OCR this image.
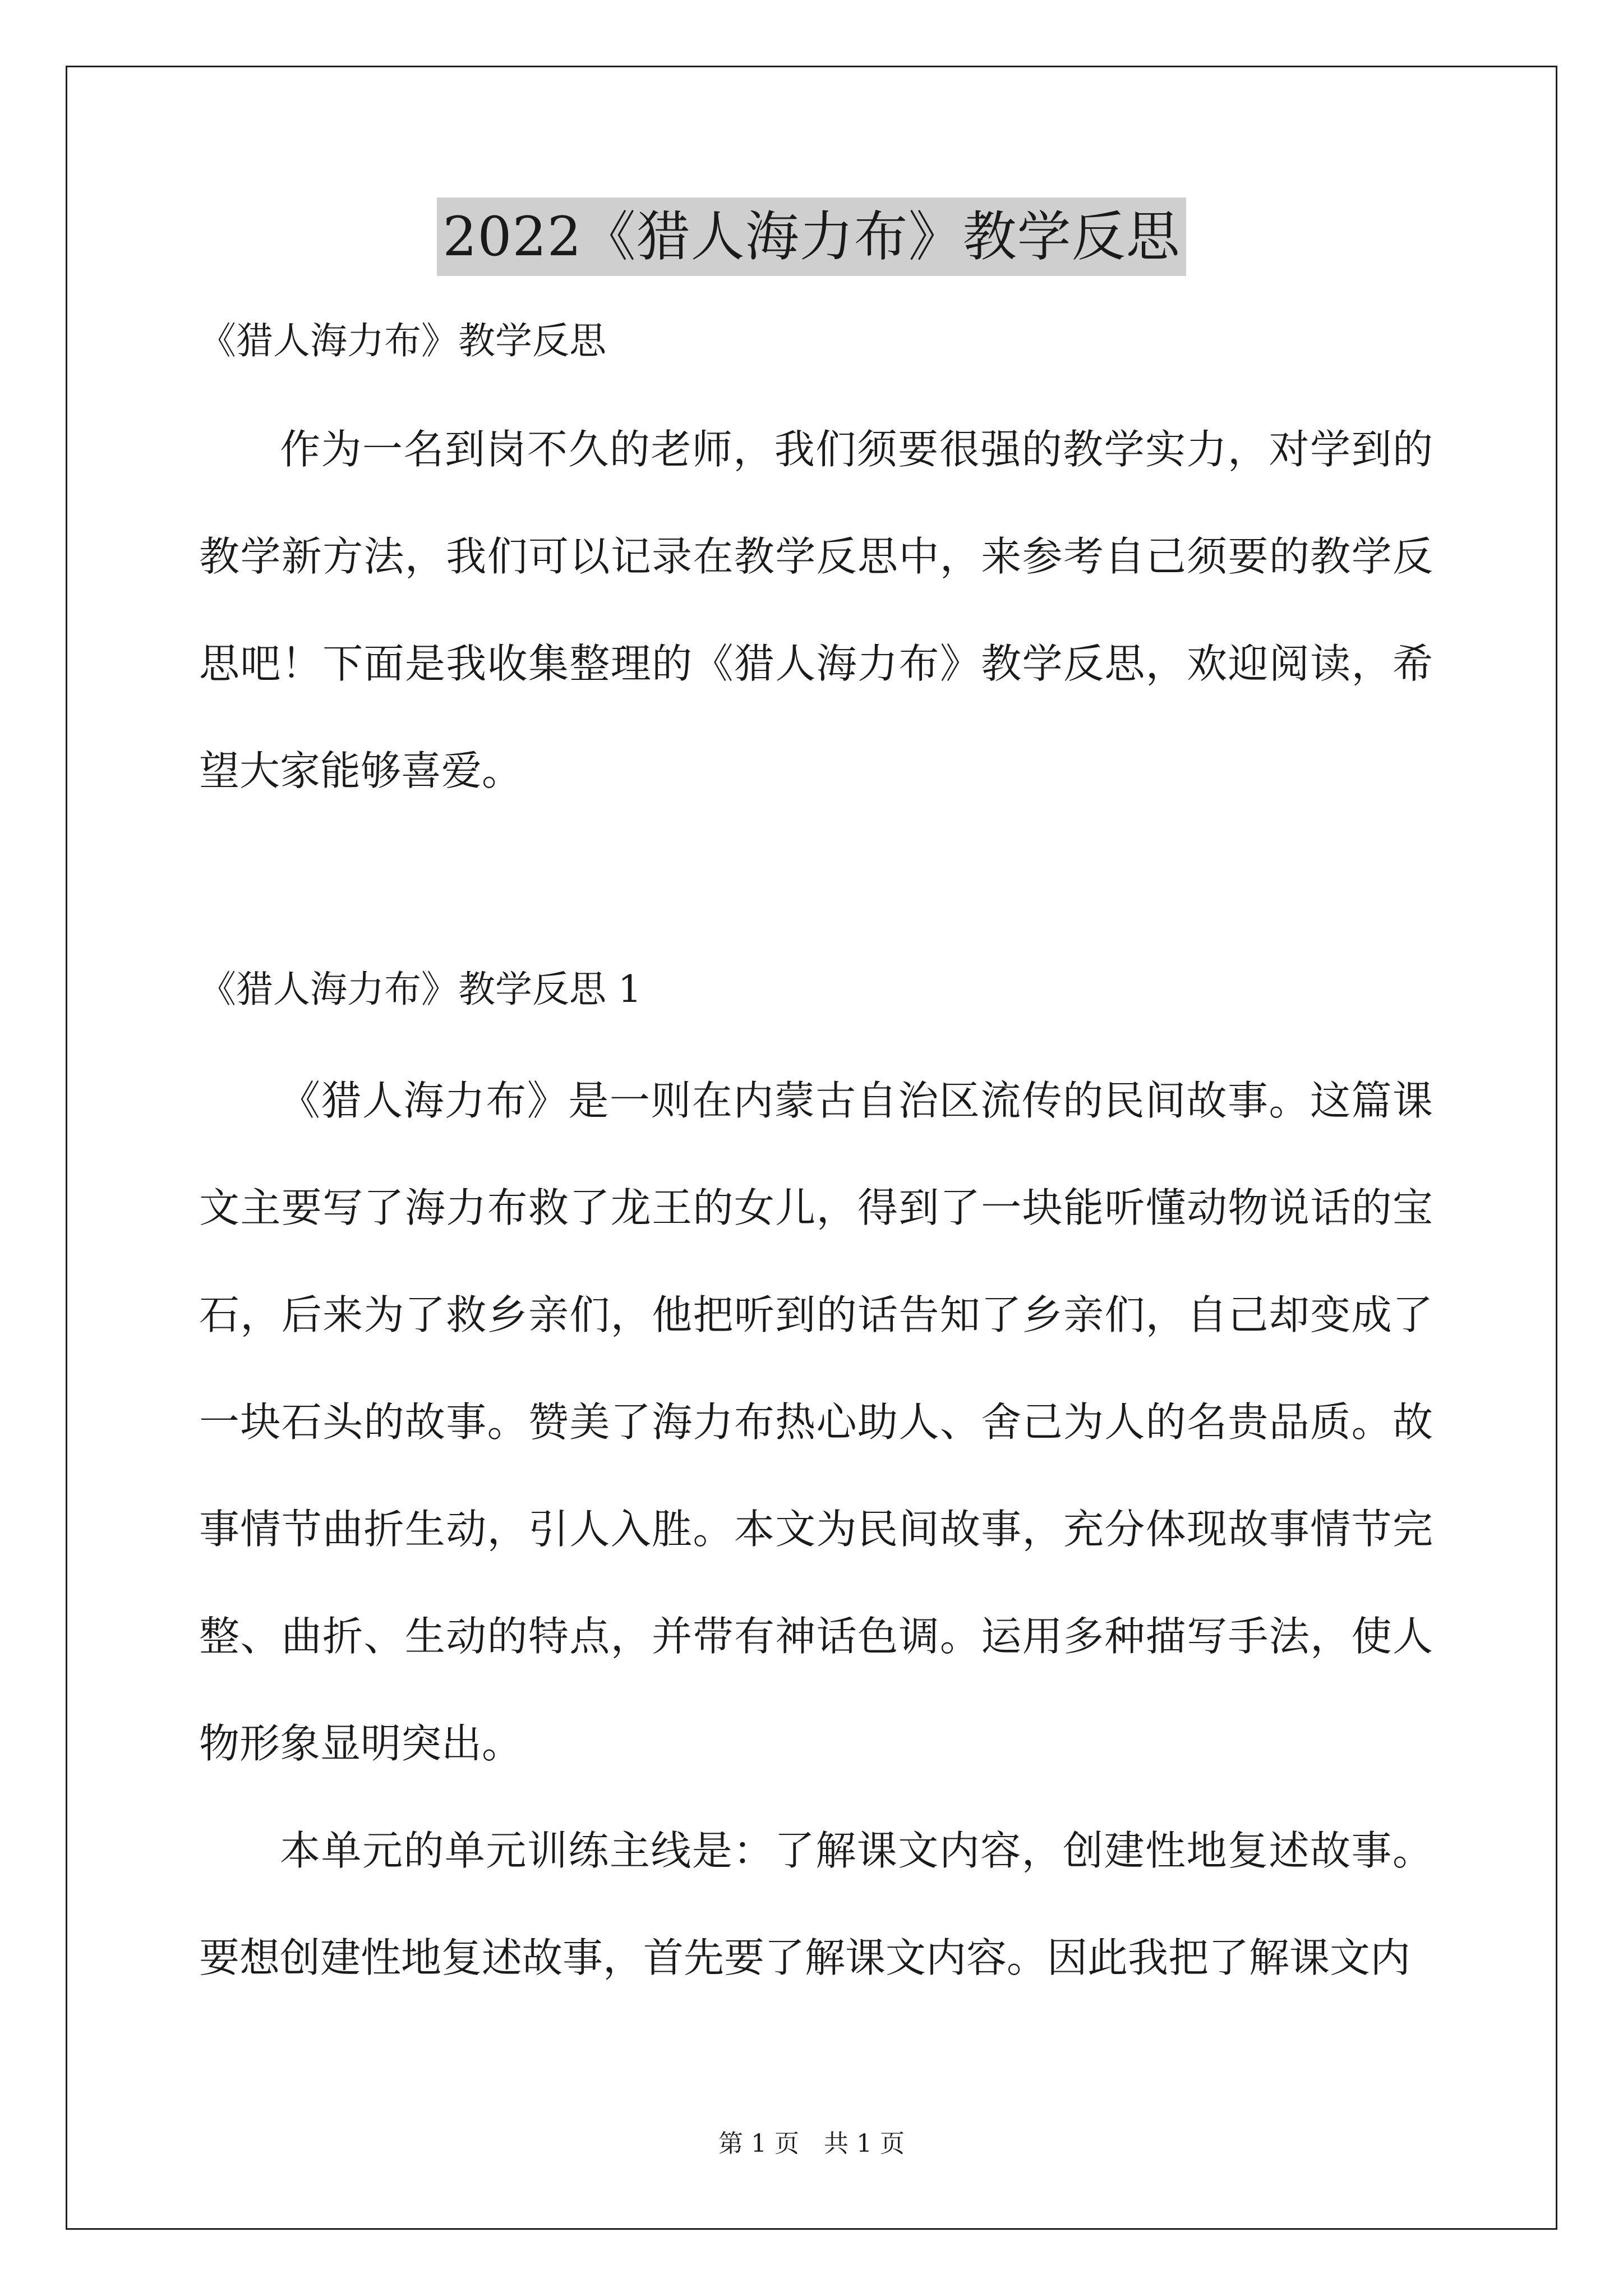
2022《猎人海力布》教学反思

《猎人海力布》教学反思

作为一名到岗不久的老师，我们须要很强的教学实力，对学到的教学新方法，我们可以记录在教学反思中，来参考自己须要的教学反思吧！下面是我收集整理的《猎人海力布》教学反思，欢迎阅读，希望大家能够喜爱。

《猎人海力布》教学反思 1

《猎人海力布》是一则在内蒙古自治区流传的民间故事。这篇课文主要写了海力布救了龙王的女儿，得到了一块能听懂动物说话的宝石，后来为了救乡亲们，他把听到的话告知了乡亲们，自己却变成了一块石头的故事。赞美了海力布热心助人、舍己为人的名贵品质。故事情节曲折生动，引人入胜。本文为民间故事，充分体现故事情节完整、曲折、生动的特点，并带有神话色调。运用多种描写手法，使人物形象显明突出。

本单元的单元训练主线是：了解课文内容，创建性地复述故事。要想创建性地复述故事，首先要了解课文内容。因此我把了解课文内

第 1 页　共 1 页
